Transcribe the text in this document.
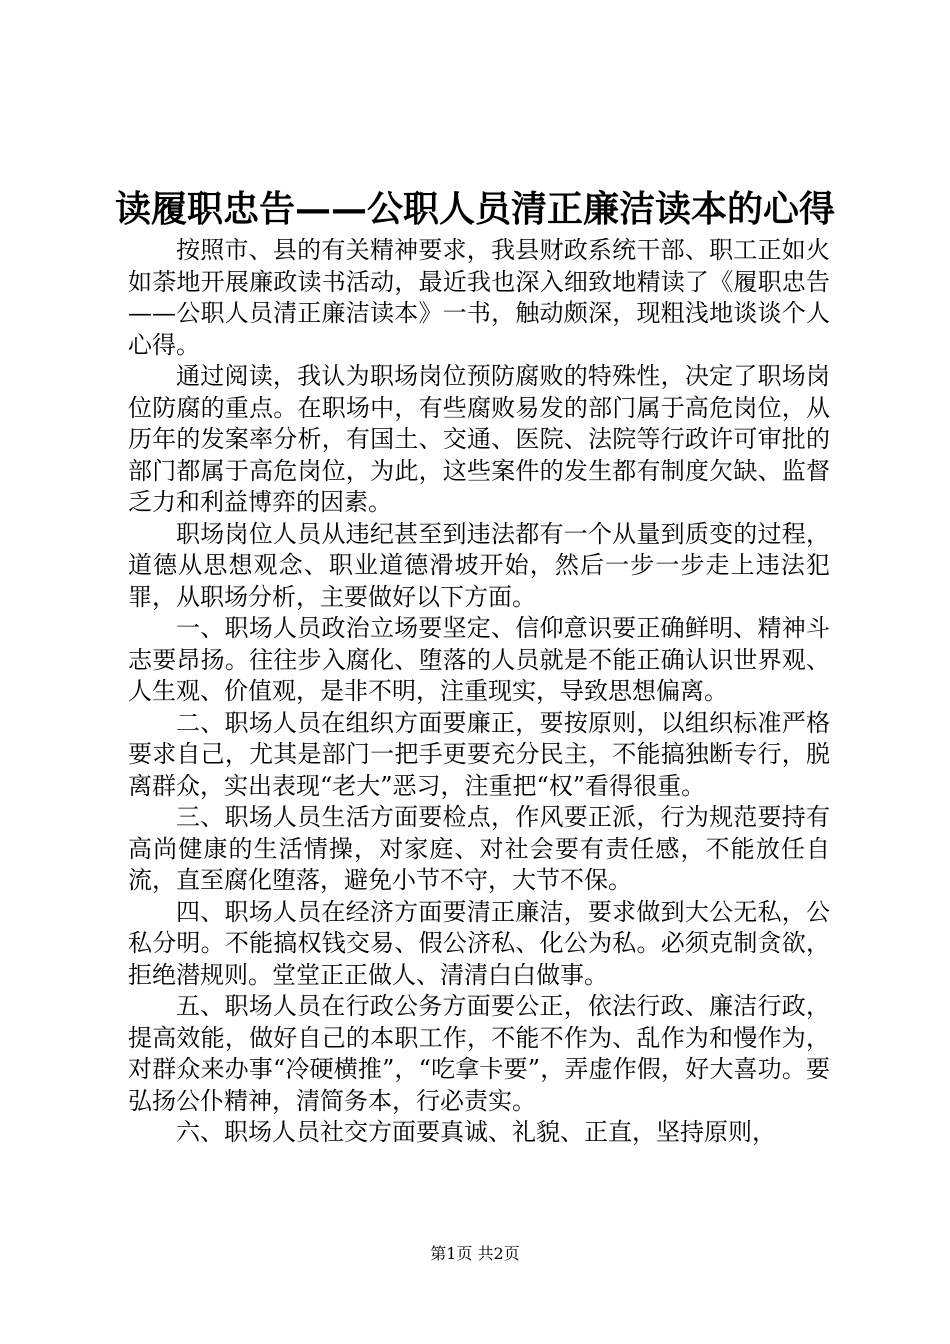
读履职忠告——公职人员清正廉洁读本的心得

按照市、县的有关精神要求，我县财政系统干部、职工正如火如荼地开展廉政读书活动，最近我也深入细致地精读了《履职忠告——公职人员清正廉洁读本》一书，触动颇深，现粗浅地谈谈个人心得。

通过阅读，我认为职场岗位预防腐败的特殊性，决定了职场岗位防腐的重点。在职场中，有些腐败易发的部门属于高危岗位，从历年的发案率分析，有国土、交通、医院、法院等行政许可审批的部门都属于高危岗位，为此，这些案件的发生都有制度欠缺、监督乏力和利益博弈的因素。

职场岗位人员从违纪甚至到违法都有一个从量到质变的过程，道德从思想观念、职业道德滑坡开始，然后一步一步走上违法犯罪，从职场分析，主要做好以下方面。

一、职场人员政治立场要坚定、信仰意识要正确鲜明、精神斗志要昂扬。往往步入腐化、堕落的人员就是不能正确认识世界观、人生观、价值观，是非不明，注重现实，导致思想偏离。

二、职场人员在组织方面要廉正，要按原则，以组织标准严格要求自己，尤其是部门一把手更要充分民主，不能搞独断专行，脱离群众，实出表现“老大”恶习，注重把“权”看得很重。

三、职场人员生活方面要检点，作风要正派，行为规范要持有高尚健康的生活情操，对家庭、对社会要有责任感，不能放任自流，直至腐化堕落，避免小节不守，大节不保。

四、职场人员在经济方面要清正廉洁，要求做到大公无私，公私分明。不能搞权钱交易、假公济私、化公为私。必须克制贪欲，拒绝潜规则。堂堂正正做人、清清白白做事。

五、职场人员在行政公务方面要公正，依法行政、廉洁行政，提高效能，做好自己的本职工作，不能不作为、乱作为和慢作为，对群众来办事“冷硬横推”，“吃拿卡要”，弄虚作假，好大喜功。要弘扬公仆精神，清简务本，行必责实。

六、职场人员社交方面要真诚、礼貌、正直，坚持原则，

第1页 共2页
